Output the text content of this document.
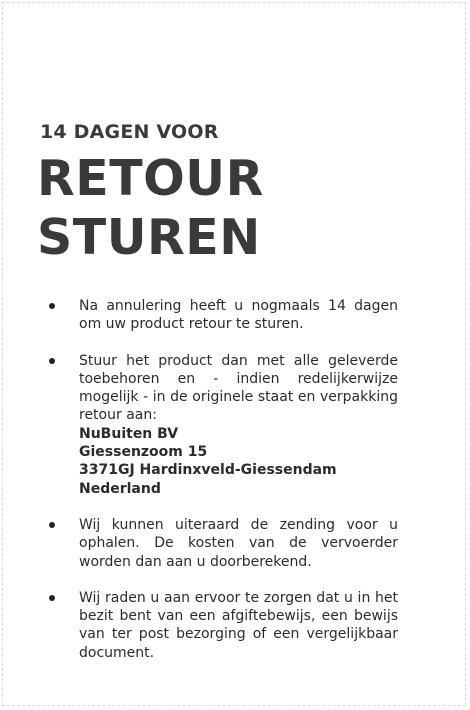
14 DAGEN VOOR
RETOUR
STUREN

Na annulering heeft u nogmaals 14 dagen om uw product retour te sturen.

Stuur het product dan met alle geleverde toebehoren en - indien redelijkerwijze mogelijk - in de originele staat en verpakking retour aan:

NuBuiten BV
Giessenzoom 15
3371GJ Hardinxveld-Giessendam
Nederland

Wij kunnen uiteraard de zending voor u ophalen. De kosten van de vervoerder worden dan aan u doorberekend.

Wij raden u aan ervoor te zorgen dat u in het bezit bent van een afgiftebewijs, een bewijs van ter post bezorging of een vergelijkbaar document.
